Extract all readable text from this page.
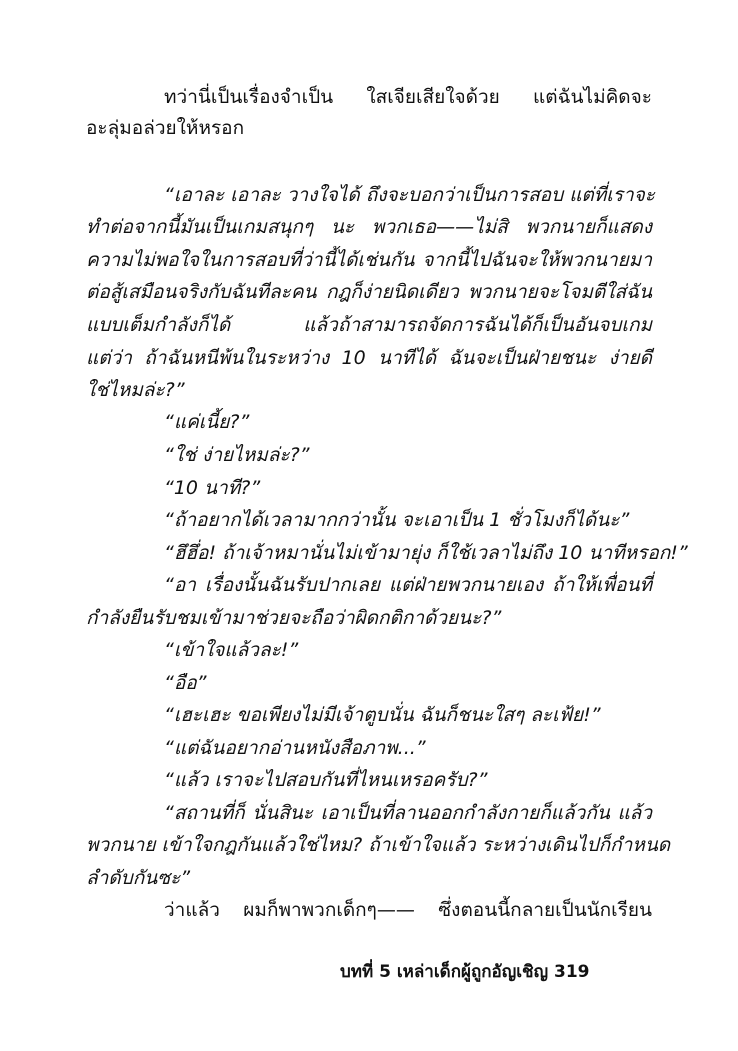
ทว่านี่เป็นเรื่องจำเป็น ใสเจียเสียใจด้วย แต่ฉันไม่คิดจะ
อะลุ่มอล่วยให้หรอก
“เอาละ เอาละ วางใจได้ ถึงจะบอกว่าเป็นการสอบ แต่ที่เราจะ
ทำต่อจากนี้มันเป็นเกมสนุกๆ นะ พวกเธอ——ไม่สิ พวกนายก็แสดง
ความไม่พอใจในการสอบที่ว่านี้ได้เช่นกัน จากนี้ไปฉันจะให้พวกนายมา
ต่อสู้เสมือนจริงกับฉันทีละคน กฎก็ง่ายนิดเดียว พวกนายจะโจมตีใส่ฉัน
แบบเต็มกำลังก็ได้ แล้วถ้าสามารถจัดการฉันได้ก็เป็นอันจบเกม
แต่ว่า ถ้าฉันหนีพ้นในระหว่าง 10 นาทีได้ ฉันจะเป็นฝ่ายชนะ ง่ายดี
ใช่ไหมล่ะ?”
“แค่เนี้ย?”
“ใช่ ง่ายไหมล่ะ?”
“10 นาที?”
“ถ้าอยากได้เวลามากกว่านั้น จะเอาเป็น 1 ชั่วโมงก็ได้นะ”
“ฮึฮึ่อ! ถ้าเจ้าหมานั่นไม่เข้ามายุ่ง ก็ใช้เวลาไม่ถึง 10 นาทีหรอก!”
“อา เรื่องนั้นฉันรับปากเลย แต่ฝ่ายพวกนายเอง ถ้าให้เพื่อนที่
กำลังยืนรับชมเข้ามาช่วยจะถือว่าผิดกติกาด้วยนะ?”
“เข้าใจแล้วละ!”
“อือ”
“เฮะเฮะ ขอเพียงไม่มีเจ้าตูบนั่น ฉันก็ชนะใสๆ ละเฟ้ย!”
“แต่ฉันอยากอ่านหนังสือภาพ...”
“แล้ว เราจะไปสอบกันที่ไหนเหรอครับ?”
“สถานที่ก็ นั่นสินะ เอาเป็นที่ลานออกกำลังกายก็แล้วกัน แล้ว
พวกนาย เข้าใจกฎกันแล้วใช่ไหม? ถ้าเข้าใจแล้ว ระหว่างเดินไปก็กำหนด
ลำดับกันซะ”
ว่าแล้ว ผมก็พาพวกเด็กๆ—— ซึ่งตอนนี้กลายเป็นนักเรียน
บทที่ 5 เหล่าเด็กผู้ถูกอัญเชิญ 319
